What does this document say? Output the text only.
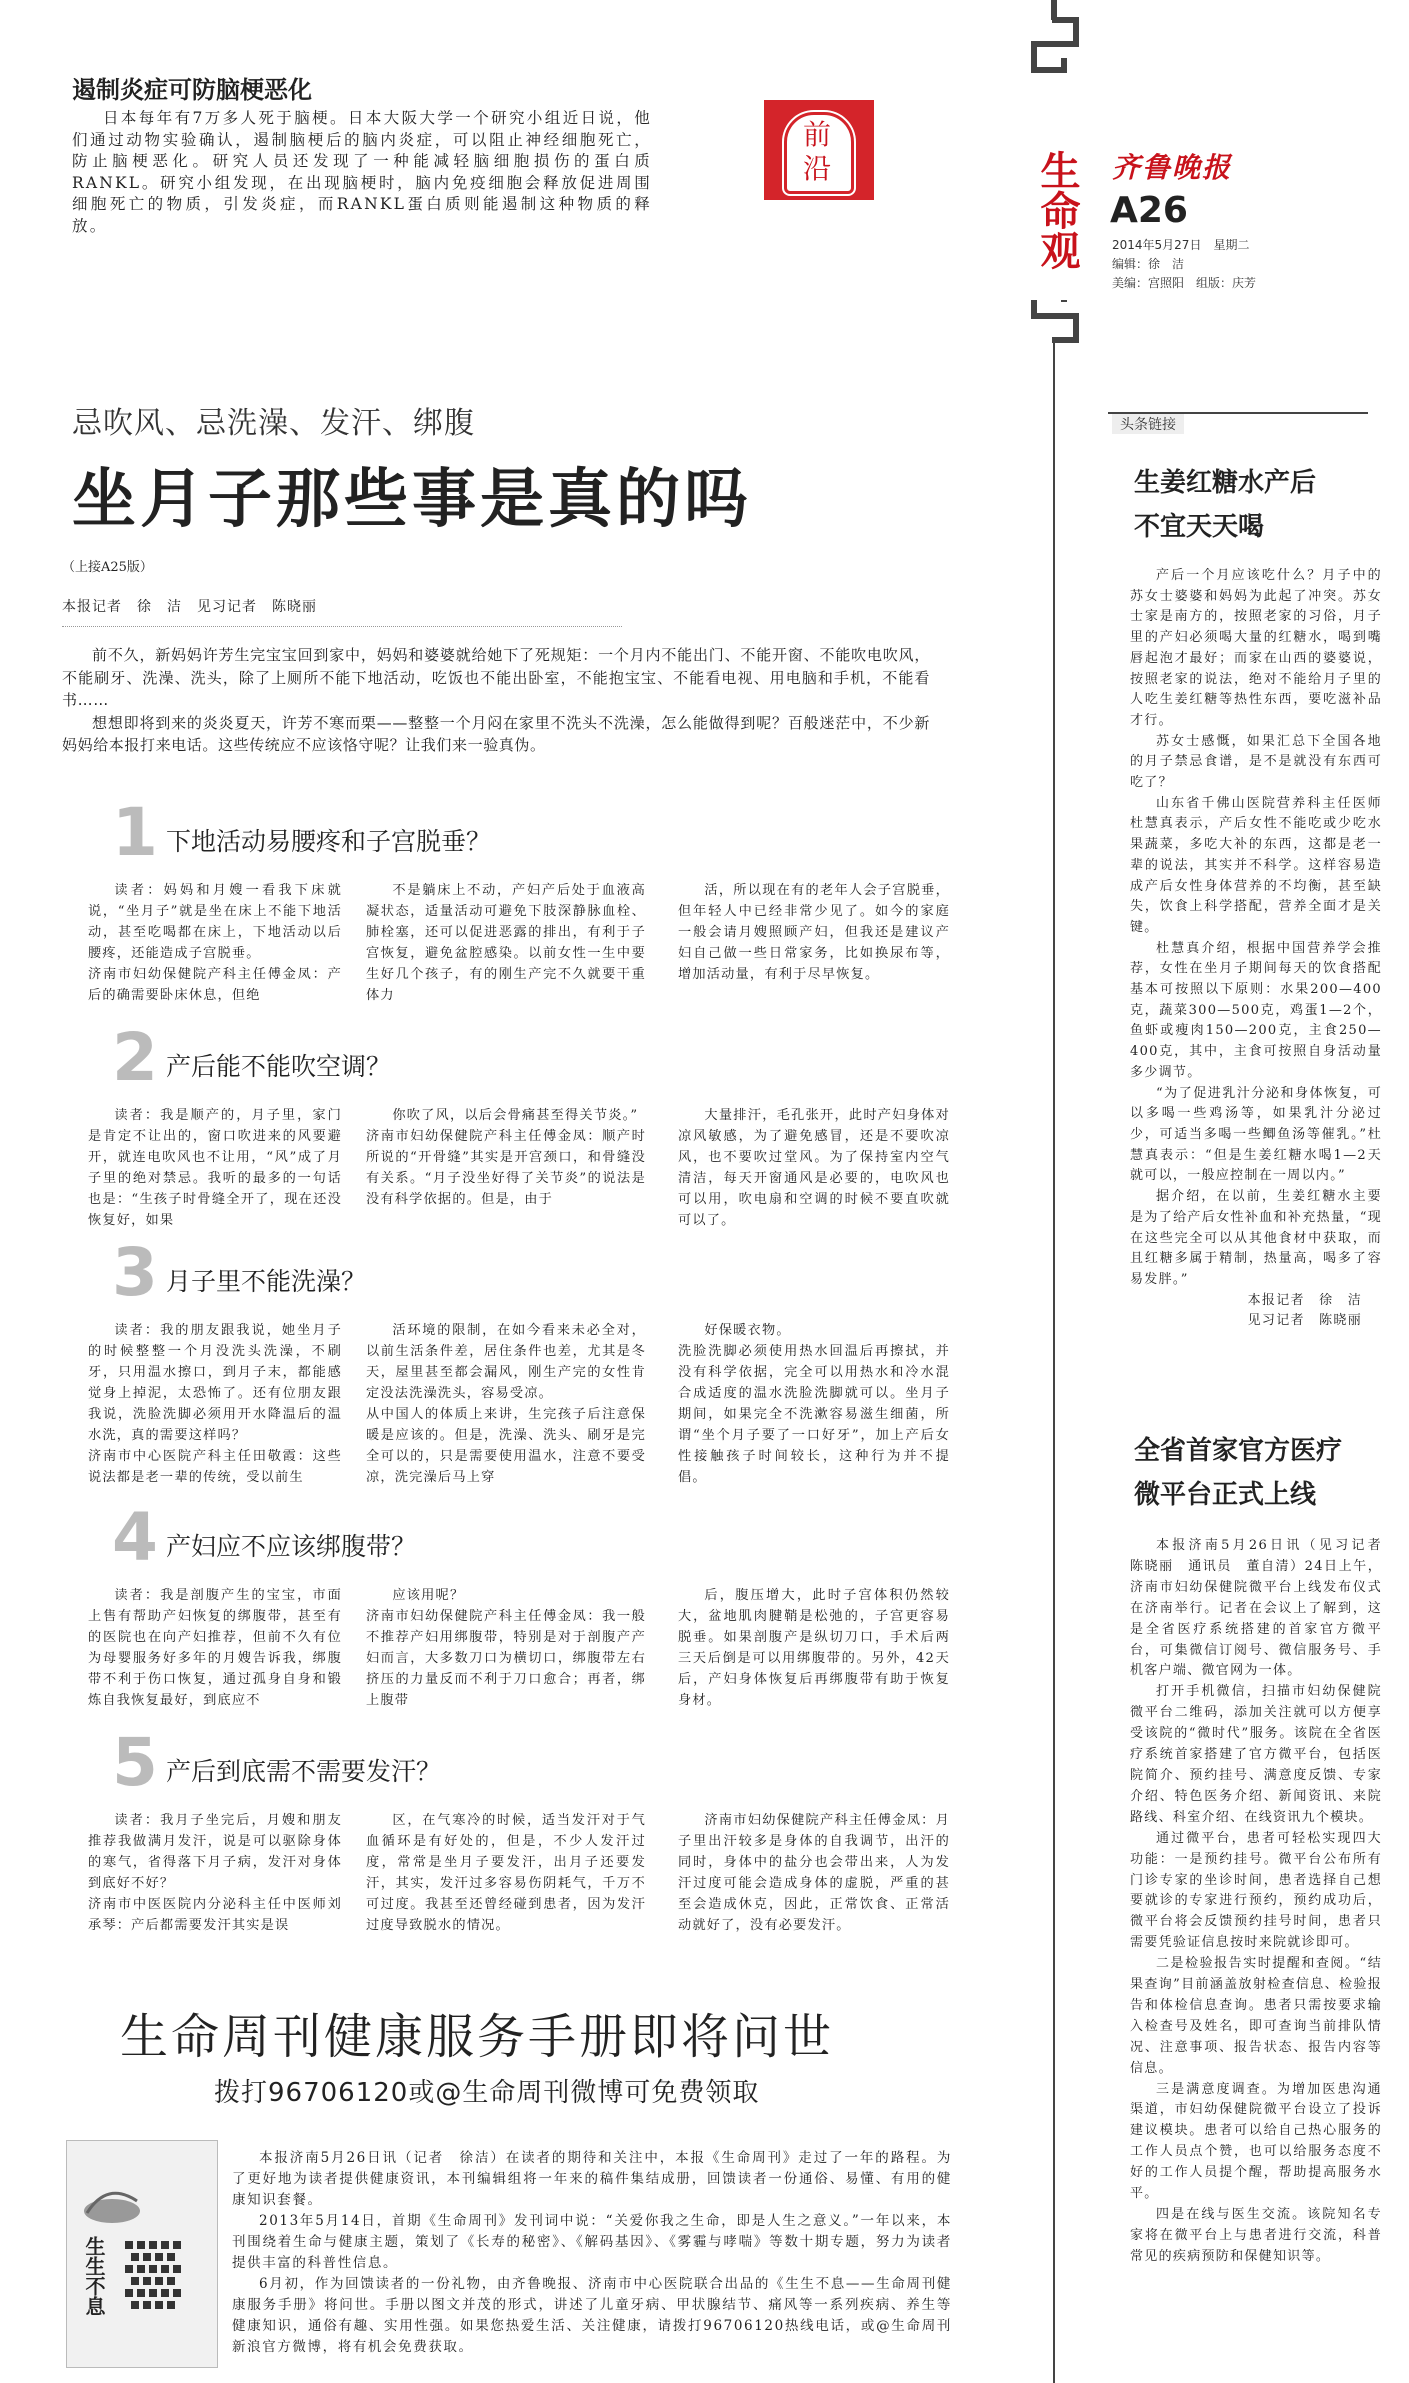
遏制炎症可防脑梗恶化

日本每年有7万多人死于脑梗。日本大阪大学一个研究小组近日说，他们通过动物实验确认，遏制脑梗后的脑内炎症，可以阻止神经细胞死亡，防止脑梗恶化。研究人员还发现了一种能减轻脑细胞损伤的蛋白质RANKL。研究小组发现，在出现脑梗时，脑内免疫细胞会释放促进周围细胞死亡的物质，引发炎症，而RANKL蛋白质则能遏制这种物质的释放。

前沿	生命观 齐鲁晚报
A26
2014年5月27日　星期二
编辑：徐　洁
美编：宫照阳　组版：庆芳
忌吹风、忌洗澡、发汗、绑腹
坐月子那些事是真的吗
（上接A25版）
本报记者　徐　洁　见习记者　陈晓丽

前不久，新妈妈许芳生完宝宝回到家中，妈妈和婆婆就给她下了死规矩：一个月内不能出门、不能开窗、不能吹电吹风，不能刷牙、洗澡、洗头，除了上厕所不能下地活动，吃饭也不能出卧室，不能抱宝宝、不能看电视、用电脑和手机，不能看书……

想想即将到来的炎炎夏天，许芳不寒而栗——整整一个月闷在家里不洗头不洗澡，怎么能做得到呢？百般迷茫中，不少新妈妈给本报打来电话。这些传统应不应该恪守呢？让我们来一验真伪。

1 下地活动易腰疼和子宫脱垂？
读者：妈妈和月嫂一看我下床就说，“坐月子”就是坐在床上不能下地活动，甚至吃喝都在床上，下地活动以后腰疼，还能造成子宫脱垂。
济南市妇幼保健院产科主任傅金凤：产后的确需要卧床休息，但绝
不是躺床上不动，产妇产后处于血液高凝状态，适量活动可避免下肢深静脉血栓、肺栓塞，还可以促进恶露的排出，有利于子宫恢复，避免盆腔感染。以前女性一生中要生好几个孩子，有的刚生产完不久就要干重体力
活，所以现在有的老年人会子宫脱垂，但年轻人中已经非常少见了。如今的家庭一般会请月嫂照顾产妇，但我还是建议产妇自己做一些日常家务，比如换尿布等，增加活动量，有利于尽早恢复。
2 产后能不能吹空调？
读者：我是顺产的，月子里，家门是肯定不让出的，窗口吹进来的风要避开，就连电吹风也不让用，“风”成了月子里的绝对禁忌。我听的最多的一句话也是：“生孩子时骨缝全开了，现在还没恢复好，如果
你吹了风，以后会骨痛甚至得关节炎。”
济南市妇幼保健院产科主任傅金凤：顺产时所说的“开骨缝”其实是开宫颈口，和骨缝没有关系。“月子没坐好得了关节炎”的说法是没有科学依据的。但是，由于
大量排汗，毛孔张开，此时产妇身体对凉风敏感，为了避免感冒，还是不要吹凉风，也不要吹过堂风。为了保持室内空气清洁，每天开窗通风是必要的，电吹风也可以用，吹电扇和空调的时候不要直吹就可以了。
3 月子里不能洗澡？
读者：我的朋友跟我说，她坐月子的时候整整一个月没洗头洗澡，不刷牙，只用温水擦口，到月子末，都能感觉身上掉泥，太恐怖了。还有位朋友跟我说，洗脸洗脚必须用开水降温后的温水洗，真的需要这样吗？
济南市中心医院产科主任田敬霞：这些说法都是老一辈的传统，受以前生
活环境的限制，在如今看来未必全对，以前生活条件差，居住条件也差，尤其是冬天，屋里甚至都会漏风，刚生产完的女性肯定没法洗澡洗头，容易受凉。
从中国人的体质上来讲，生完孩子后注意保暖是应该的。但是，洗澡、洗头、刷牙是完全可以的，只是需要使用温水，注意不要受凉，洗完澡后马上穿
好保暖衣物。
洗脸洗脚必须使用热水回温后再擦拭，并没有科学依据，完全可以用热水和冷水混合成适度的温水洗脸洗脚就可以。坐月子期间，如果完全不洗漱容易滋生细菌，所谓“坐个月子要了一口好牙”，加上产后女性接触孩子时间较长，这种行为并不提倡。
4 产妇应不应该绑腹带？
读者：我是剖腹产生的宝宝，市面上售有帮助产妇恢复的绑腹带，甚至有的医院也在向产妇推荐，但前不久有位为母婴服务好多年的月嫂告诉我，绑腹带不利于伤口恢复，通过孤身自身和锻炼自我恢复最好，到底应不
应该用呢？
济南市妇幼保健院产科主任傅金凤：我一般不推荐产妇用绑腹带，特别是对于剖腹产产妇而言，大多数刀口为横切口，绑腹带左右挤压的力量反而不利于刀口愈合；再者，绑上腹带
后，腹压增大，此时子宫体积仍然较大，盆地肌肉腱鞘是松弛的，子宫更容易脱垂。如果剖腹产是纵切刀口，手术后两三天后倒是可以用绑腹带的。另外，42天后，产妇身体恢复后再绑腹带有助于恢复身材。
5 产后到底需不需要发汗？
读者：我月子坐完后，月嫂和朋友推荐我做满月发汗，说是可以驱除身体的寒气，省得落下月子病，发汗对身体到底好不好？
济南市中医医院内分泌科主任中医师刘承琴：产后都需要发汗其实是误
区，在气寒冷的时候，适当发汗对于气血循环是有好处的，但是，不少人发汗过度，常常是坐月子要发汗，出月子还要发汗，其实，发汗过多容易伤阴耗气，千万不可过度。我甚至还曾经碰到患者，因为发汗过度导致脱水的情况。
济南市妇幼保健院产科主任傅金凤：月子里出汗较多是身体的自我调节，出汗的同时，身体中的盐分也会带出来，人为发汗过度可能会造成身体的虚脱，严重的甚至会造成休克，因此，正常饮食、正常活动就好了，没有必要发汗。
生命周刊健康服务手册即将问世
拨打96706120或@生命周刊微博可免费领取
生生不息

本报济南5月26日讯（记者　徐洁）在读者的期待和关注中，本报《生命周刊》走过了一年的路程。为了更好地为读者提供健康资讯，本刊编辑组将一年来的稿件集结成册，回馈读者一份通俗、易懂、有用的健康知识套餐。

2013年5月14日，首期《生命周刊》发刊词中说：“关爱你我之生命，即是人生之意义。”一年以来，本刊围绕着生命与健康主题，策划了《长寿的秘密》、《解码基因》、《雾霾与哮喘》等数十期专题，努力为读者提供丰富的科普性信息。

6月初，作为回馈读者的一份礼物，由齐鲁晚报、济南市中心医院联合出品的《生生不息——生命周刊健康服务手册》将问世。手册以图文并茂的形式，讲述了儿童牙病、甲状腺结节、痛风等一系列疾病、养生等健康知识，通俗有趣、实用性强。如果您热爱生活、关注健康，请拨打96706120热线电话，或@生命周刊新浪官方微博，将有机会免费获取。

头条链接
生姜红糖水产后
不宜天天喝

产后一个月应该吃什么？月子中的苏女士婆婆和妈妈为此起了冲突。苏女士家是南方的，按照老家的习俗，月子里的产妇必须喝大量的红糖水，喝到嘴唇起泡才最好；而家在山西的婆婆说，按照老家的说法，绝对不能给月子里的人吃生姜红糖等热性东西，要吃滋补品才行。

苏女士感慨，如果汇总下全国各地的月子禁忌食谱，是不是就没有东西可吃了？

山东省千佛山医院营养科主任医师杜慧真表示，产后女性不能吃或少吃水果蔬菜，多吃大补的东西，这都是老一辈的说法，其实并不科学。这样容易造成产后女性身体营养的不均衡，甚至缺失，饮食上科学搭配，营养全面才是关键。

杜慧真介绍，根据中国营养学会推荐，女性在坐月子期间每天的饮食搭配基本可按照以下原则：水果200—400克，蔬菜300—500克，鸡蛋1—2个，鱼虾或瘦肉150—200克，主食250—400克，其中，主食可按照自身活动量多少调节。

“为了促进乳汁分泌和身体恢复，可以多喝一些鸡汤等，如果乳汁分泌过少，可适当多喝一些鲫鱼汤等催乳。”杜慧真表示：“但是生姜红糖水喝1—2天就可以，一般应控制在一周以内。”

据介绍，在以前，生姜红糖水主要是为了给产后女性补血和补充热量，“现在这些完全可以从其他食材中获取，而且红糖多属于精制，热量高，喝多了容易发胖。”

本报记者　徐　洁
见习记者　陈晓丽
全省首家官方医疗
微平台正式上线

本报济南5月26日讯（见习记者　陈晓丽　通讯员　董自清）24日上午，济南市妇幼保健院微平台上线发布仪式在济南举行。记者在会议上了解到，这是全省医疗系统搭建的首家官方微平台，可集微信订阅号、微信服务号、手机客户端、微官网为一体。

打开手机微信，扫描市妇幼保健院微平台二维码，添加关注就可以方便享受该院的“微时代”服务。该院在全省医疗系统首家搭建了官方微平台，包括医院简介、预约挂号、满意度反馈、专家介绍、特色医务介绍、新闻资讯、来院路线、科室介绍、在线资讯九个模块。

通过微平台，患者可轻松实现四大功能：一是预约挂号。微平台公布所有门诊专家的坐诊时间，患者选择自己想要就诊的专家进行预约，预约成功后，微平台将会反馈预约挂号时间，患者只需要凭验证信息按时来院就诊即可。

二是检验报告实时提醒和查阅。“结果查询”目前涵盖放射检查信息、检验报告和体检信息查询。患者只需按要求输入检查号及姓名，即可查询当前排队情况、注意事项、报告状态、报告内容等信息。

三是满意度调查。为增加医患沟通渠道，市妇幼保健院微平台设立了投诉建议模块。患者可以给自己热心服务的工作人员点个赞，也可以给服务态度不好的工作人员提个醒，帮助提高服务水平。

四是在线与医生交流。该院知名专家将在微平台上与患者进行交流，科普常见的疾病预防和保健知识等。
